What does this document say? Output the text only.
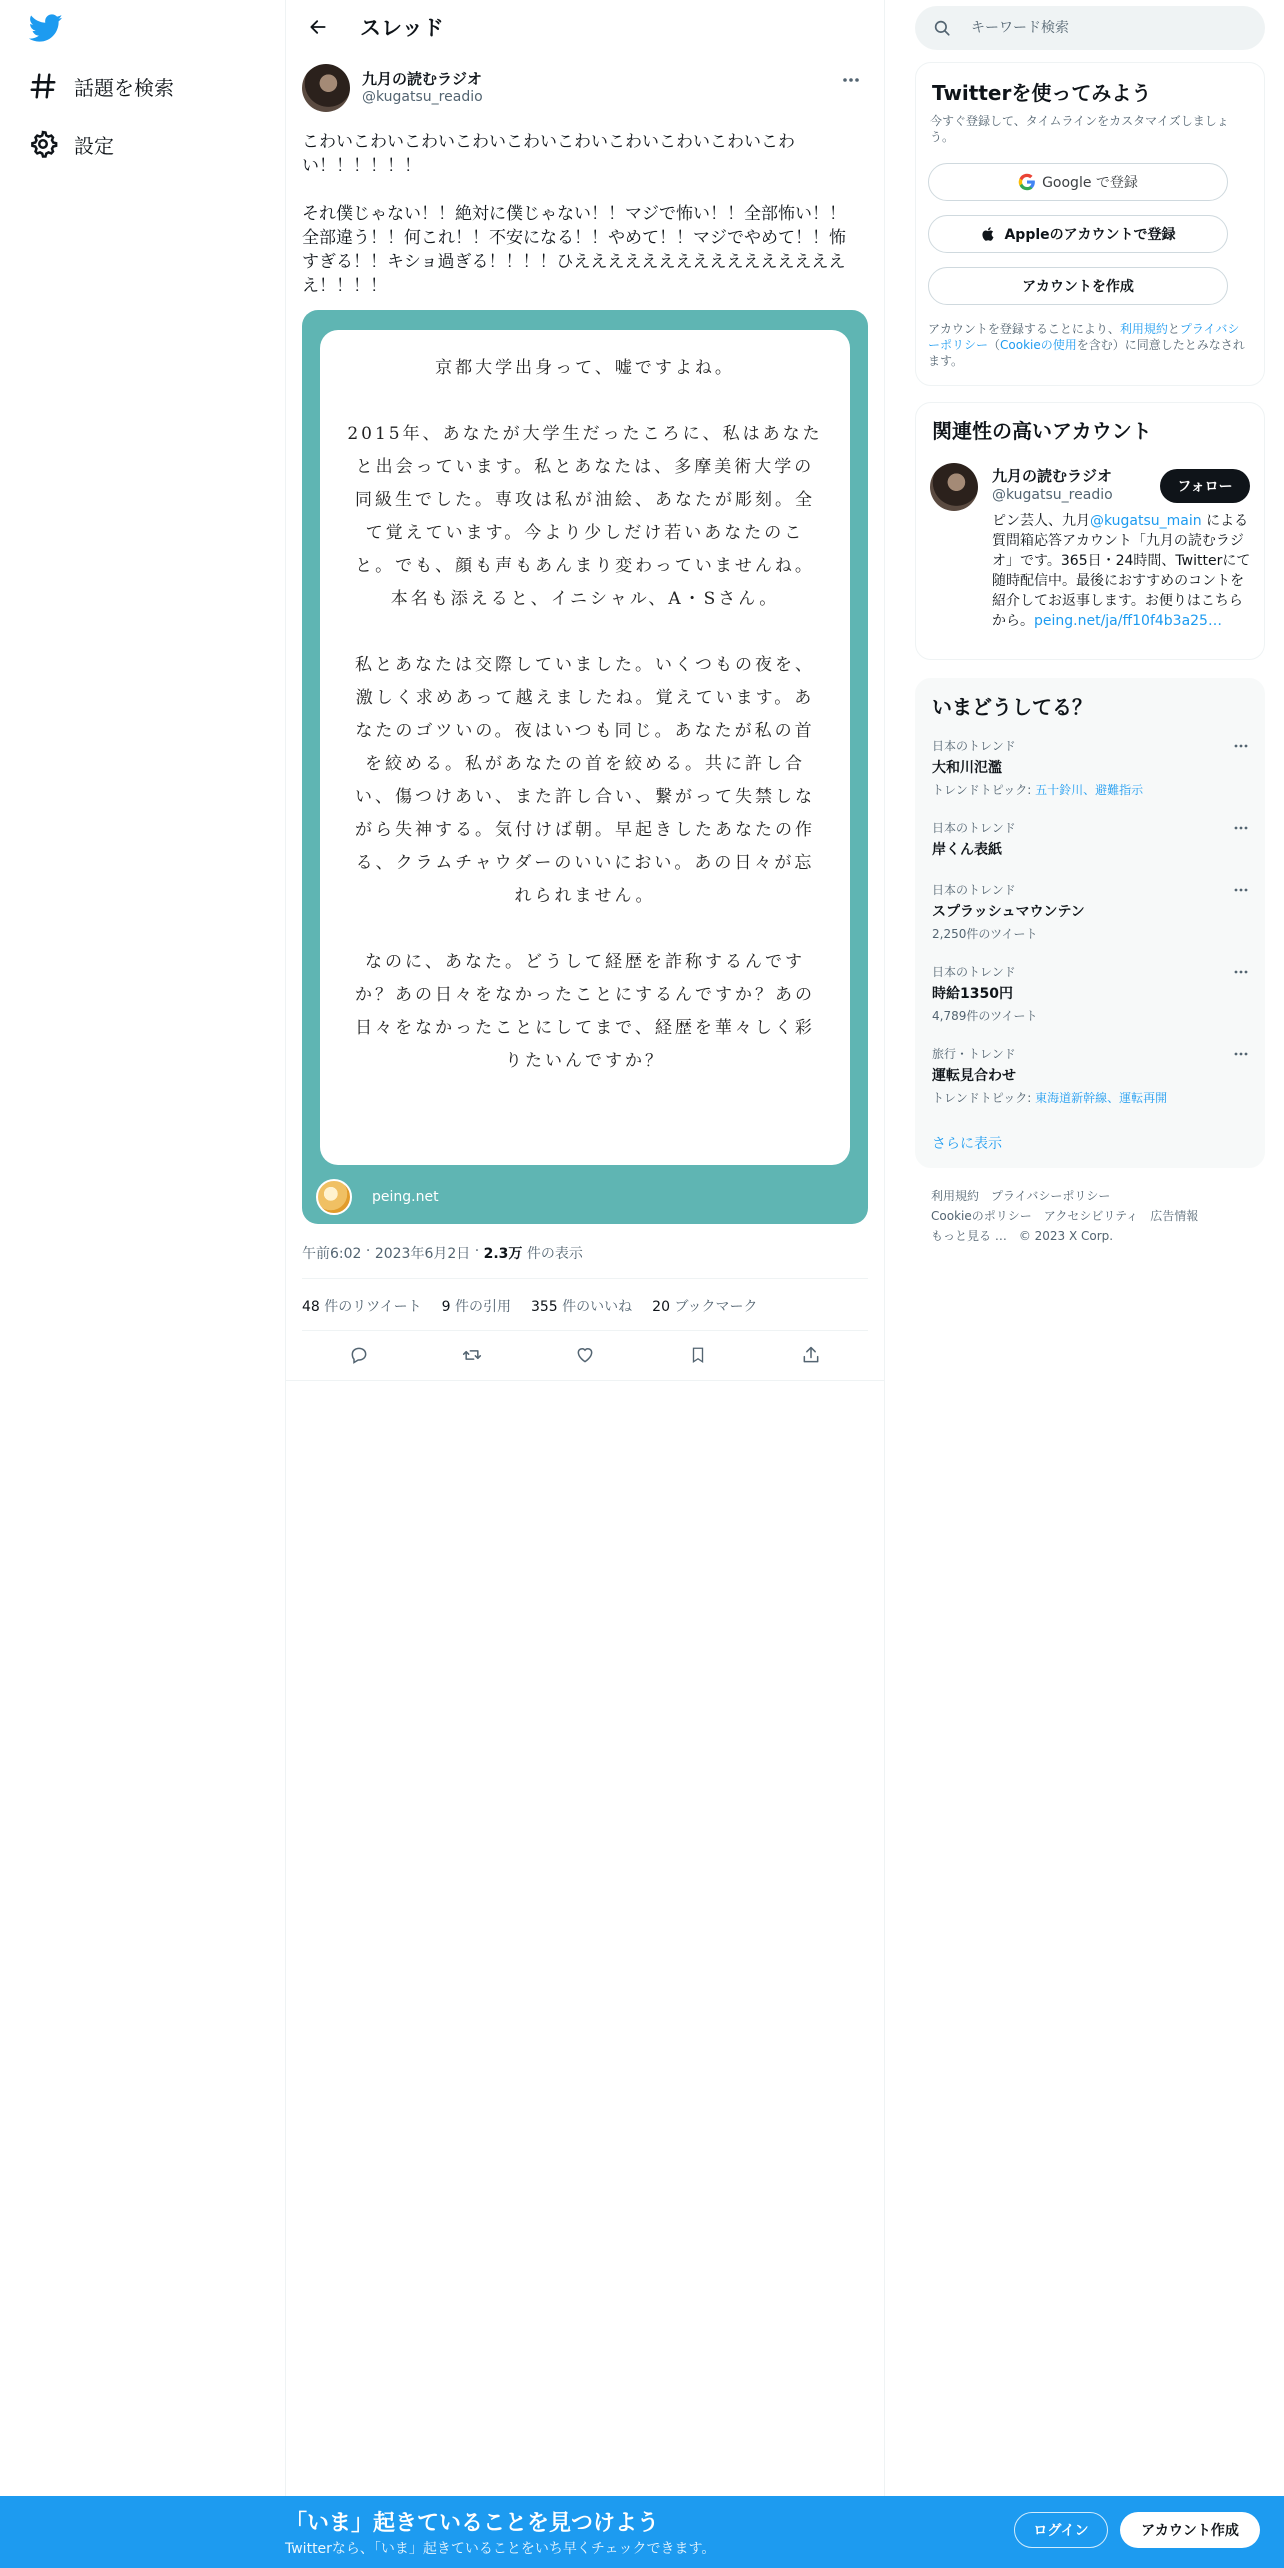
話題を検索
設定
スレッド
九月の読むラジオ
@kugatsu_readio
こわいこわいこわいこわいこわいこわいこわいこわいこわいこわい！！！！！！

それ僕じゃない！！絶対に僕じゃない！！マジで怖い！！全部怖い！！全部違う！！何これ！！不安になる！！やめて！！マジでやめて！！怖すぎる！！キショ過ぎる！！！！ひえええええええええええええええええ！！！！

京都大学出身って、嘘ですよね。

2015年、あなたが大学生だったころに、私はあなたと出会っています。私とあなたは、多摩美術大学の同級生でした。専攻は私が油絵、あなたが彫刻。全て覚えています。今より少しだけ若いあなたのこと。でも、顔も声もあんまり変わっていませんね。本名も添えると、イニシャル、A・Sさん。

私とあなたは交際していました。いくつもの夜を、激しく求めあって越えましたね。覚えています。あなたのゴツいの。夜はいつも同じ。あなたが私の首を絞める。私があなたの首を絞める。共に許し合い、傷つけあい、また許し合い、繋がって失禁しながら失神する。気付けば朝。早起きしたあなたの作る、クラムチャウダーのいいにおい。あの日々が忘れられません。

なのに、あなた。どうして経歴を詐称するんですか？あの日々をなかったことにするんですか？あの日々をなかったことにしてまで、経歴を華々しく彩りたいんですか？

peing.net
午前6:02 · 2023年6月2日 · 2.3万
件の表示
48 件のリツイート 9 件の引用 355 件のいいね 20 ブックマーク
キーワード検索
Twitterを使ってみよう
今すぐ登録して、タイムラインをカスタマイズしましょう。
Google で登録
Appleのアカウントで登録
アカウントを作成
アカウントを登録することにより、利用規約とプライバシーポリシー（Cookieの使用を含む）に同意したとみなされます。
関連性の高いアカウント
九月の読むラジオ
@kugatsu_readio	フォロー
ピン芸人、九月@kugatsu_main による質問箱応答アカウント「九月の読むラジオ」です。365日・24時間、Twitterにて随時配信中。最後におすすめのコントを紹介してお返事します。お便りはこちらから。peing.net/ja/ff10f4b3a25…
いまどうしてる？
日本のトレンド
大和川氾濫
トレンドトピック: 五十鈴川、避難指示
日本のトレンド
岸くん表紙
日本のトレンド
スプラッシュマウンテン
2,250件のツイート
日本のトレンド
時給1350円
4,789件のツイート
旅行・トレンド
運転見合わせ
トレンドトピック: 東海道新幹線、運転再開
さらに表示
利用規約 プライバシーポリシー
Cookieのポリシー アクセシビリティ 広告情報
もっと見る … © 2023 X Corp.
「いま」起きていることを見つけよう
Twitterなら、「いま」起きていることをいち早くチェックできます。
ログイン	アカウント作成
